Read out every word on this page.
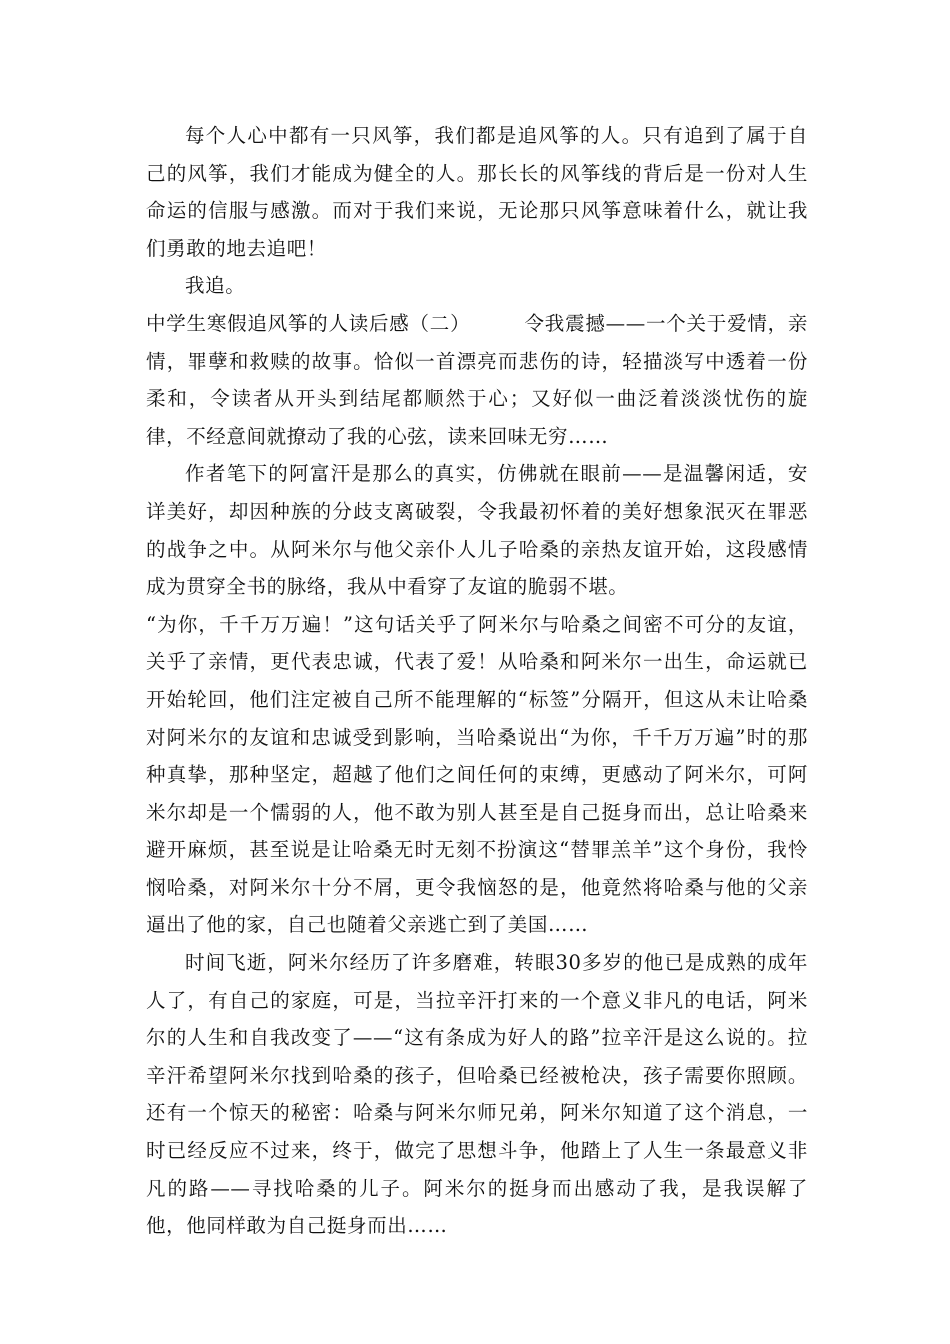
每个人心中都有一只风筝，我们都是追风筝的人。只有追到了属于自己的风筝，我们才能成为健全的人。那长长的风筝线的背后是一份对人生命运的信服与感激。而对于我们来说，无论那只风筝意味着什么，就让我们勇敢的地去追吧！

我追。

中学生寒假追风筝的人读后感（二）	令我震撼——一个关于爱情，亲情，罪孽和救赎的故事。恰似一首漂亮而悲伤的诗，轻描淡写中透着一份柔和，令读者从开头到结尾都顺然于心；又好似一曲泛着淡淡忧伤的旋律，不经意间就撩动了我的心弦，读来回味无穷……

作者笔下的阿富汗是那么的真实，仿佛就在眼前——是温馨闲适，安详美好，却因种族的分歧支离破裂，令我最初怀着的美好想象泯灭在罪恶的战争之中。从阿米尔与他父亲仆人儿子哈桑的亲热友谊开始，这段感情成为贯穿全书的脉络，我从中看穿了友谊的脆弱不堪。

“为你，千千万万遍！”这句话关乎了阿米尔与哈桑之间密不可分的友谊，关乎了亲情，更代表忠诚，代表了爱！从哈桑和阿米尔一出生，命运就已开始轮回，他们注定被自己所不能理解的“标签”分隔开，但这从未让哈桑对阿米尔的友谊和忠诚受到影响，当哈桑说出“为你，千千万万遍”时的那种真挚，那种坚定，超越了他们之间任何的束缚，更感动了阿米尔，可阿米尔却是一个懦弱的人，他不敢为别人甚至是自己挺身而出，总让哈桑来避开麻烦，甚至说是让哈桑无时无刻不扮演这“替罪羔羊”这个身份，我怜悯哈桑，对阿米尔十分不屑，更令我恼怒的是，他竟然将哈桑与他的父亲逼出了他的家，自己也随着父亲逃亡到了美国……

时间飞逝，阿米尔经历了许多磨难，转眼30多岁的他已是成熟的成年人了，有自己的家庭，可是，当拉辛汗打来的一个意义非凡的电话，阿米尔的人生和自我改变了——“这有条成为好人的路”拉辛汗是这么说的。拉辛汗希望阿米尔找到哈桑的孩子，但哈桑已经被枪决，孩子需要你照顾。还有一个惊天的秘密：哈桑与阿米尔师兄弟，阿米尔知道了这个消息，一时已经反应不过来，终于，做完了思想斗争，他踏上了人生一条最意义非凡的路——寻找哈桑的儿子。阿米尔的挺身而出感动了我，是我误解了他，他同样敢为自己挺身而出……
